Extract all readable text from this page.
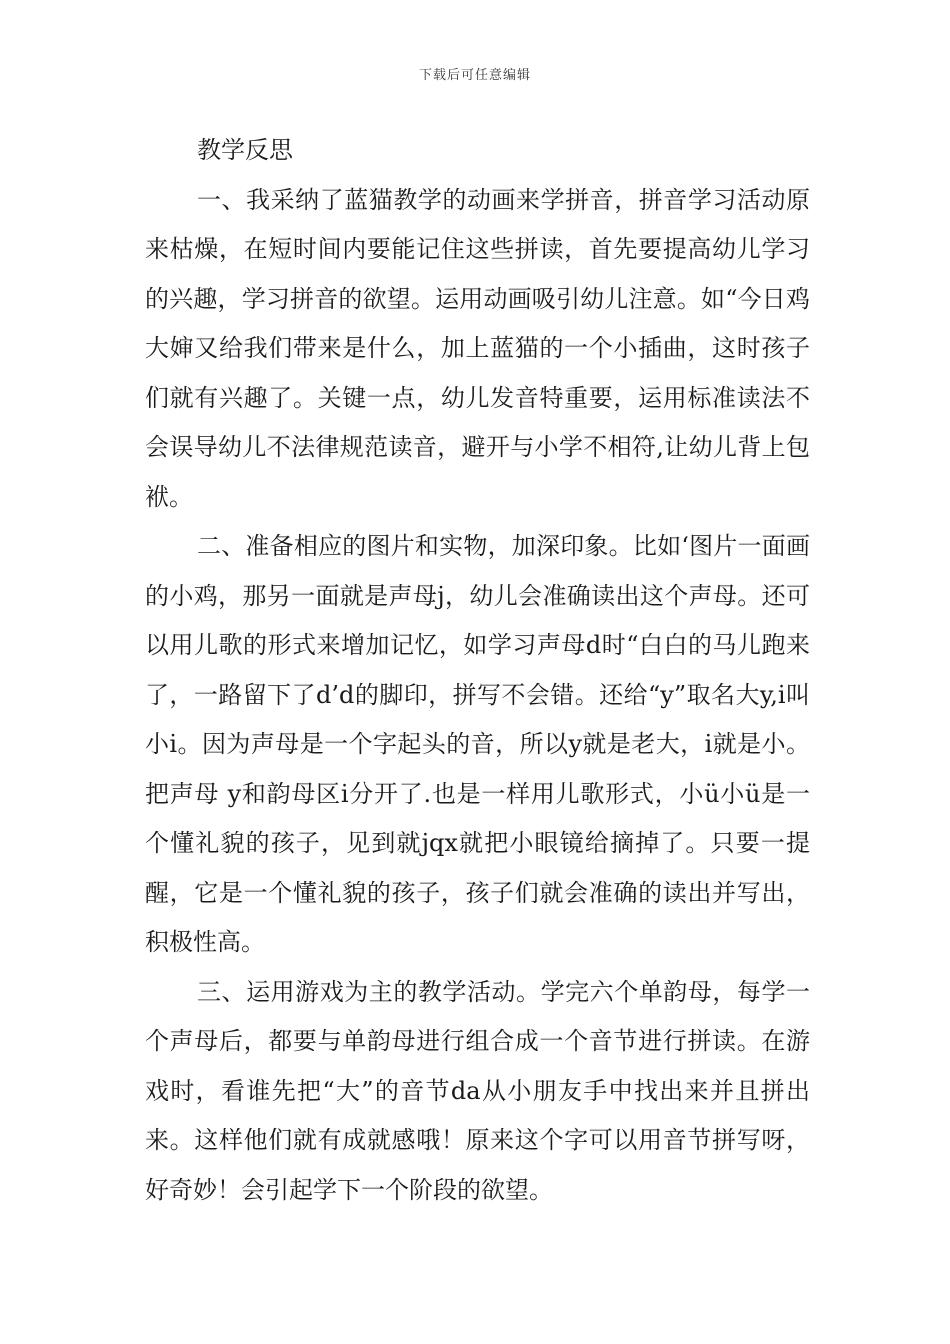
下载后可任意编辑
教学反思

一、我采纳了蓝猫教学的动画来学拼音，拼音学习活动原来枯燥，在短时间内要能记住这些拼读，首先要提高幼儿学习的兴趣，学习拼音的欲望。运用动画吸引幼儿注意。如“今日鸡大婶又给我们带来是什么，加上蓝猫的一个小插曲，这时孩子们就有兴趣了。关键一点，幼儿发音特重要，运用标准读法不会误导幼儿不法律规范读音，避开与小学不相符,让幼儿背上包袱。

二、准备相应的图片和实物，加深印象。比如‘图片一面画的小鸡，那另一面就是声母j，幼儿会准确读出这个声母。还可以用儿歌的形式来增加记忆，如学习声母d时“白白的马儿跑来了，一路留下了d’d的脚印，拼写不会错。还给“y”取名大y,i叫小i。因为声母是一个字起头的音，所以y就是老大，i就是小。把声母 y和韵母区i分开了.也是一样用儿歌形式，小ü小ü是一个懂礼貌的孩子，见到就jqx就把小眼镜给摘掉了。只要一提醒，它是一个懂礼貌的孩子，孩子们就会准确的读出并写出，积极性高。

三、运用游戏为主的教学活动。学完六个单韵母，每学一个声母后，都要与单韵母进行组合成一个音节进行拼读。在游戏时，看谁先把“大”的音节da从小朋友手中找出来并且拼出来。这样他们就有成就感哦！原来这个字可以用音节拼写呀，好奇妙！会引起学下一个阶段的欲望。
